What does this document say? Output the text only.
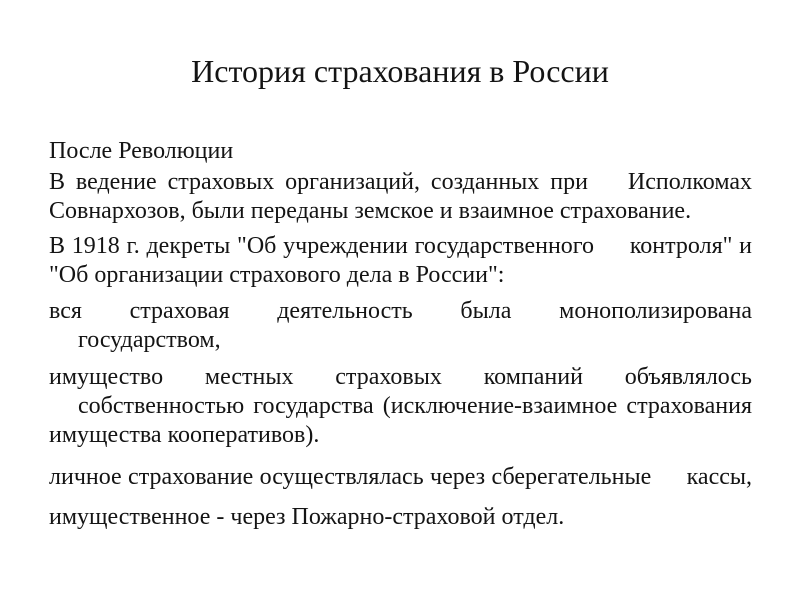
История страхования в России

После Революции

В ведение страховых организаций, созданных при Исполкомах Совнархозов, были переданы земское и взаимное страхование.

В 1918 г. декреты "Об учреждении государственного контроля" и "Об организации страхового дела в России":

вся страховая деятельность была монополизирована государством,

имущество местных страховых компаний объявлялось собственностью государства (исключение-взаимное страхования имущества кооперативов).

личное страхование осуществлялась через сберегательные кассы, имущественное - через Пожарно-страховой отдел.
